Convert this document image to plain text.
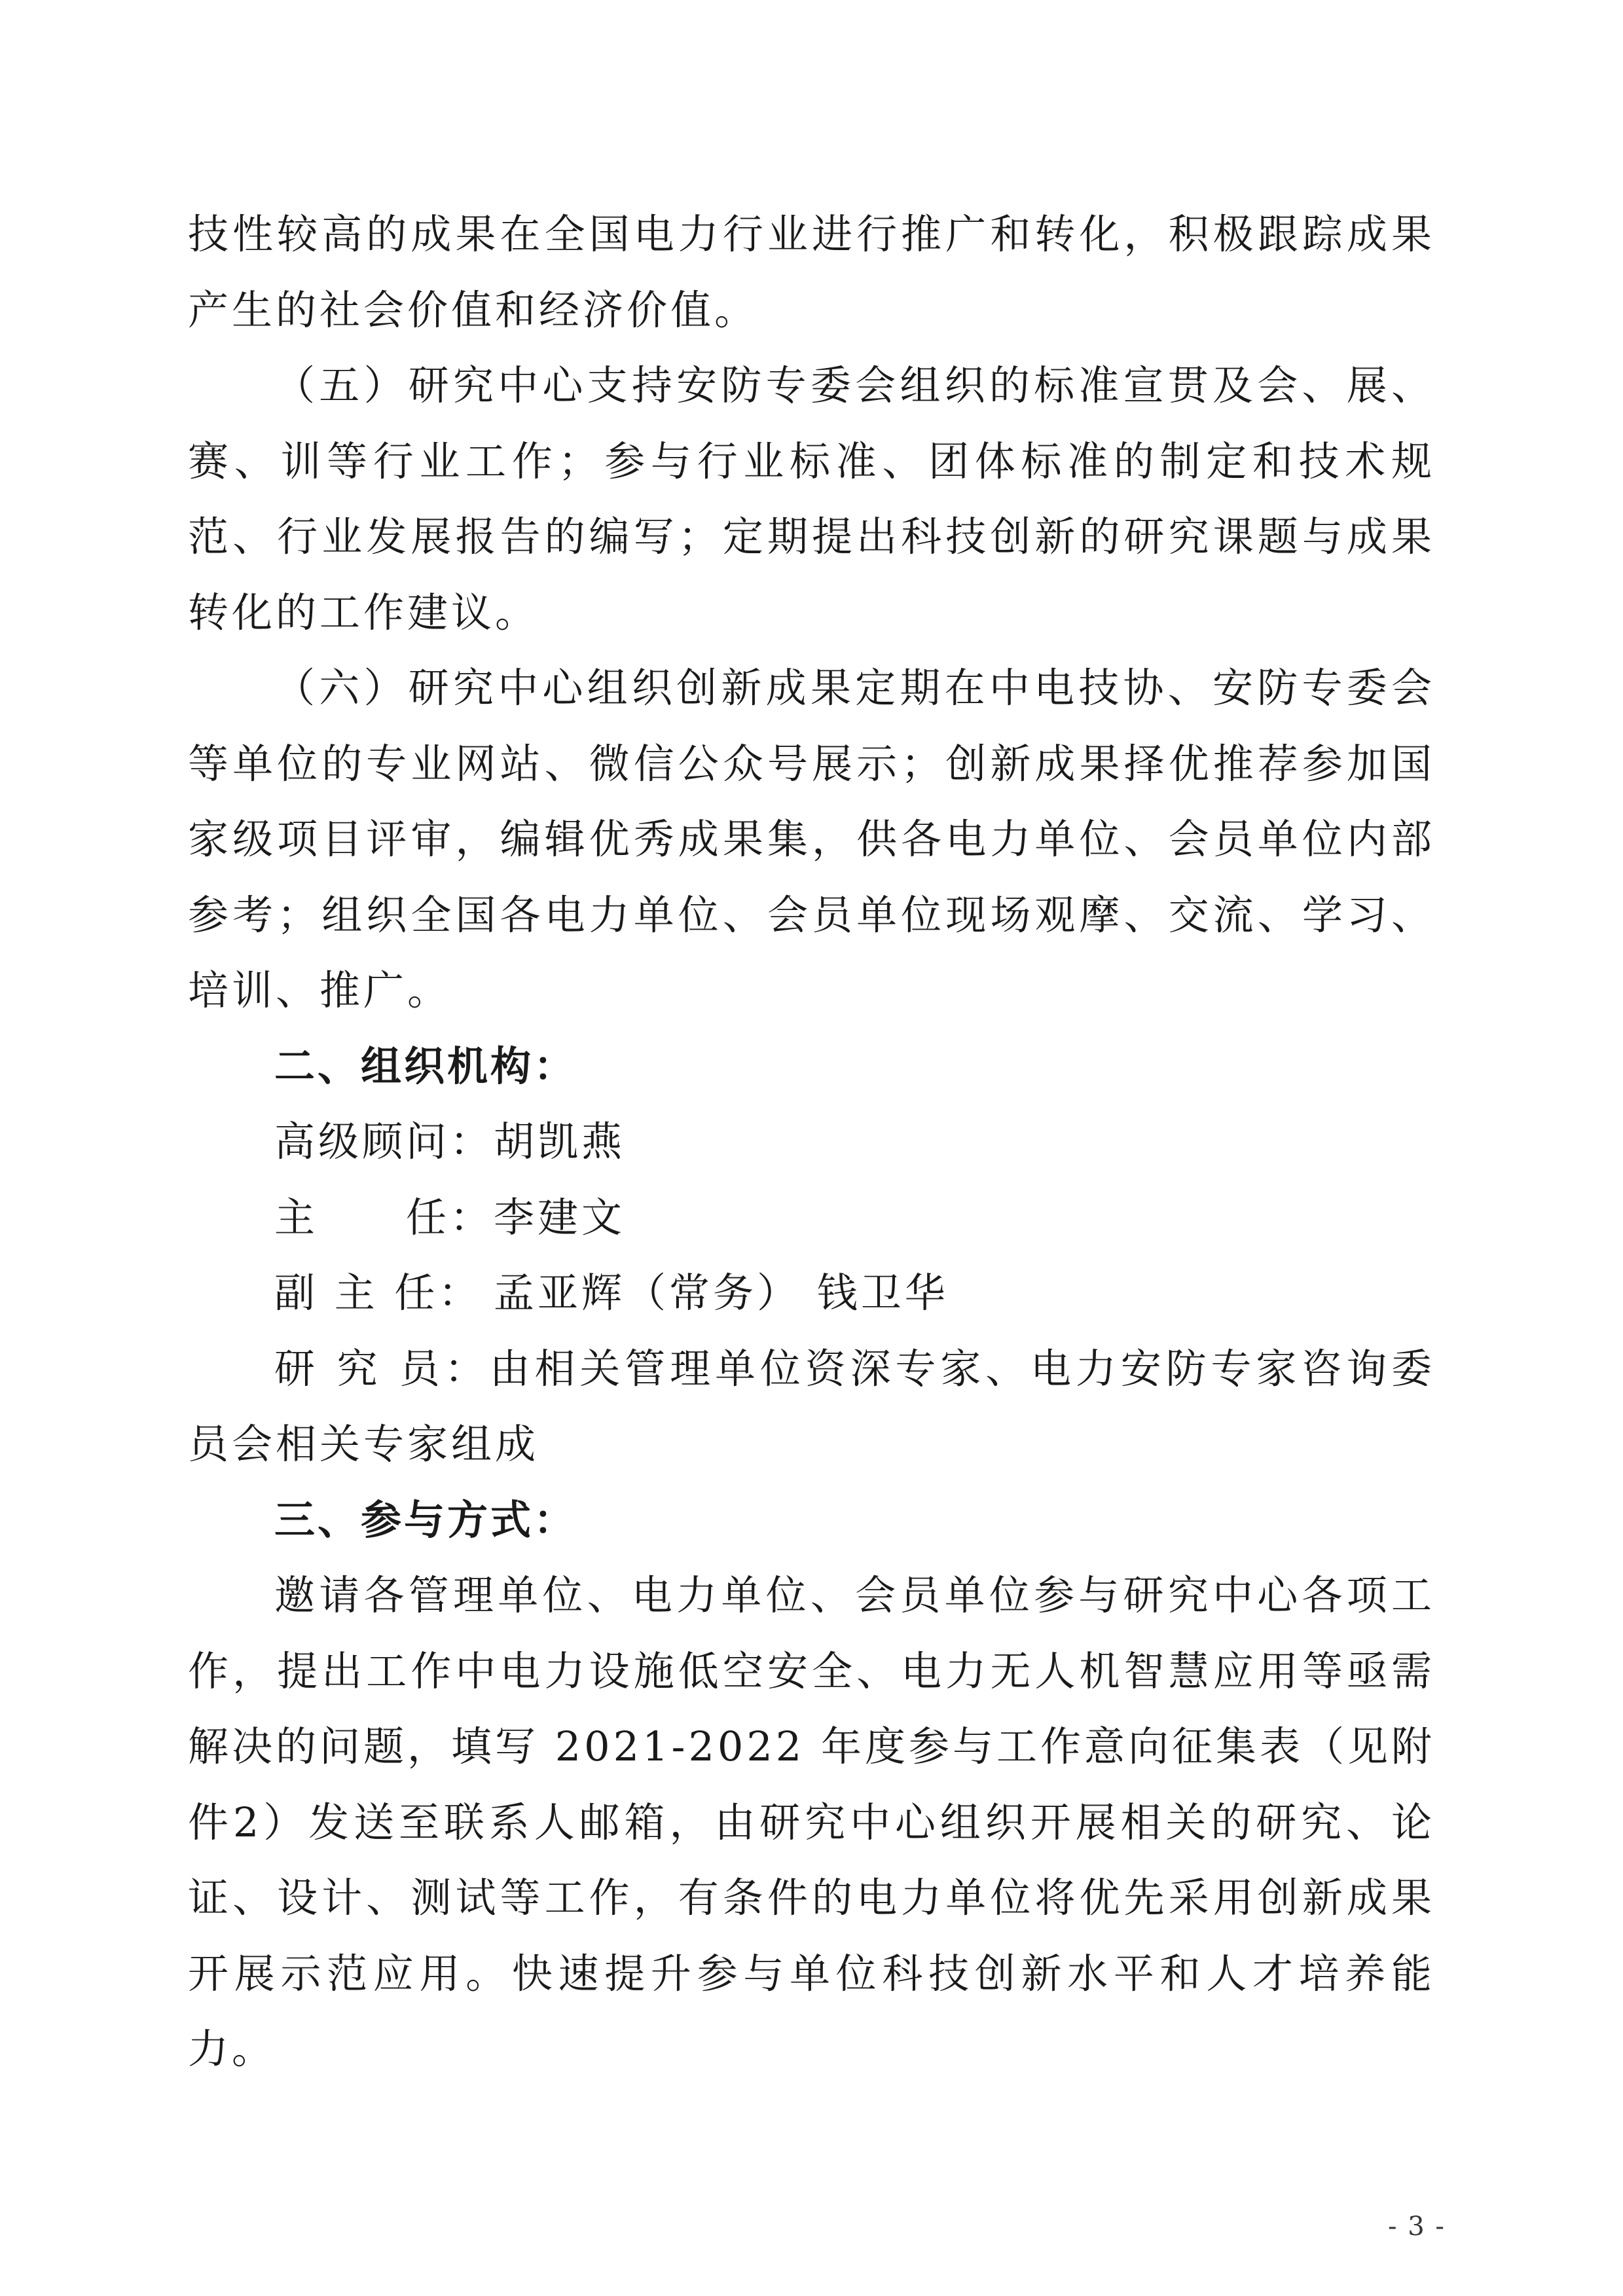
技性较高的成果在全国电力行业进行推广和转化，积极跟踪成果产生的社会价值和经济价值。

（五）研究中心支持安防专委会组织的标准宣贯及会、展、赛、训等行业工作；参与行业标准、团体标准的制定和技术规范、行业发展报告的编写；定期提出科技创新的研究课题与成果转化的工作建议。

（六）研究中心组织创新成果定期在中电技协、安防专委会等单位的专业网站、微信公众号展示；创新成果择优推荐参加国家级项目评审，编辑优秀成果集，供各电力单位、会员单位内部参考；组织全国各电力单位、会员单位现场观摩、交流、学习、培训、推广。

二、组织机构：

高级顾问： 胡凯燕

主　　任： 李建文

副 主 任： 孟亚辉（常务） 钱卫华

研 究 员：由相关管理单位资深专家、电力安防专家咨询委员会相关专家组成

三、参与方式：

邀请各管理单位、电力单位、会员单位参与研究中心各项工作，提出工作中电力设施低空安全、电力无人机智慧应用等亟需解决的问题，填写 2021-2022 年度参与工作意向征集表（见附件2）发送至联系人邮箱，由研究中心组织开展相关的研究、论证、设计、测试等工作，有条件的电力单位将优先采用创新成果开展示范应用。快速提升参与单位科技创新水平和人才培养能力。

- 3 -
